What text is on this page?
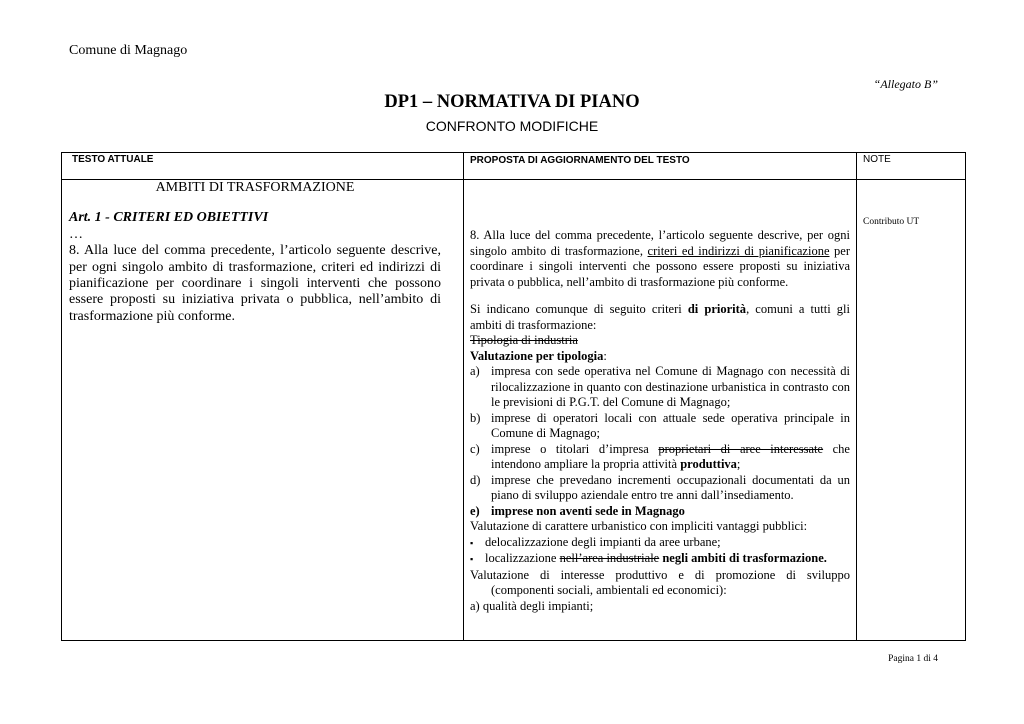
Comune di Magnago
“Allegato B”
DP1 – NORMATIVA DI PIANO
CONFRONTO MODIFICHE
TESTO ATTUALE	PROPOSTA DI AGGIORNAMENTO DEL TESTO	NOTE
AMBITI DI TRASFORMAZIONE
Art. 1 - CRITERI ED OBIETTIVI
…
8. Alla luce del comma precedente, l’articolo seguente descrive, per ogni singolo ambito di trasformazione, criteri ed indirizzi di pianificazione per coordinare i singoli interventi che possono essere proposti su iniziativa privata o pubblica, nell’ambito di trasformazione più conforme.

8. Alla luce del comma precedente, l’articolo seguente descrive, per ogni singolo ambito di trasformazione, criteri ed indirizzi di pianificazione per coordinare i singoli interventi che possono essere proposti su iniziativa privata o pubblica, nell’ambito di trasformazione più conforme.

Si indicano comunque di seguito criteri di priorità, comuni a tutti gli ambiti di trasformazione:

Tipologia di industria

Valutazione per tipologia:

a) impresa con sede operativa nel Comune di Magnago con necessità di rilocalizzazione in quanto con destinazione urbanistica in contrasto con le previsioni di P.G.T. del Comune di Magnago;

b) imprese di operatori locali con attuale sede operativa principale in Comune di Magnago;

c) imprese o titolari d’impresa proprietari di aree interessate che intendono ampliare la propria attività produttiva;

d) imprese che prevedano incrementi occupazionali documentati da un piano di sviluppo aziendale entro tre anni dall’insediamento.

e) imprese non aventi sede in Magnago

Valutazione di carattere urbanistico con impliciti vantaggi pubblici:

▪ delocalizzazione degli impianti da aree urbane;

▪ localizzazione nell’area industriale negli ambiti di trasformazione.

Valutazione di interesse produttivo e di promozione di sviluppo (componenti sociali, ambientali ed economici):

a) qualità degli impianti;

Contributo UT
Pagina 1 di 4
